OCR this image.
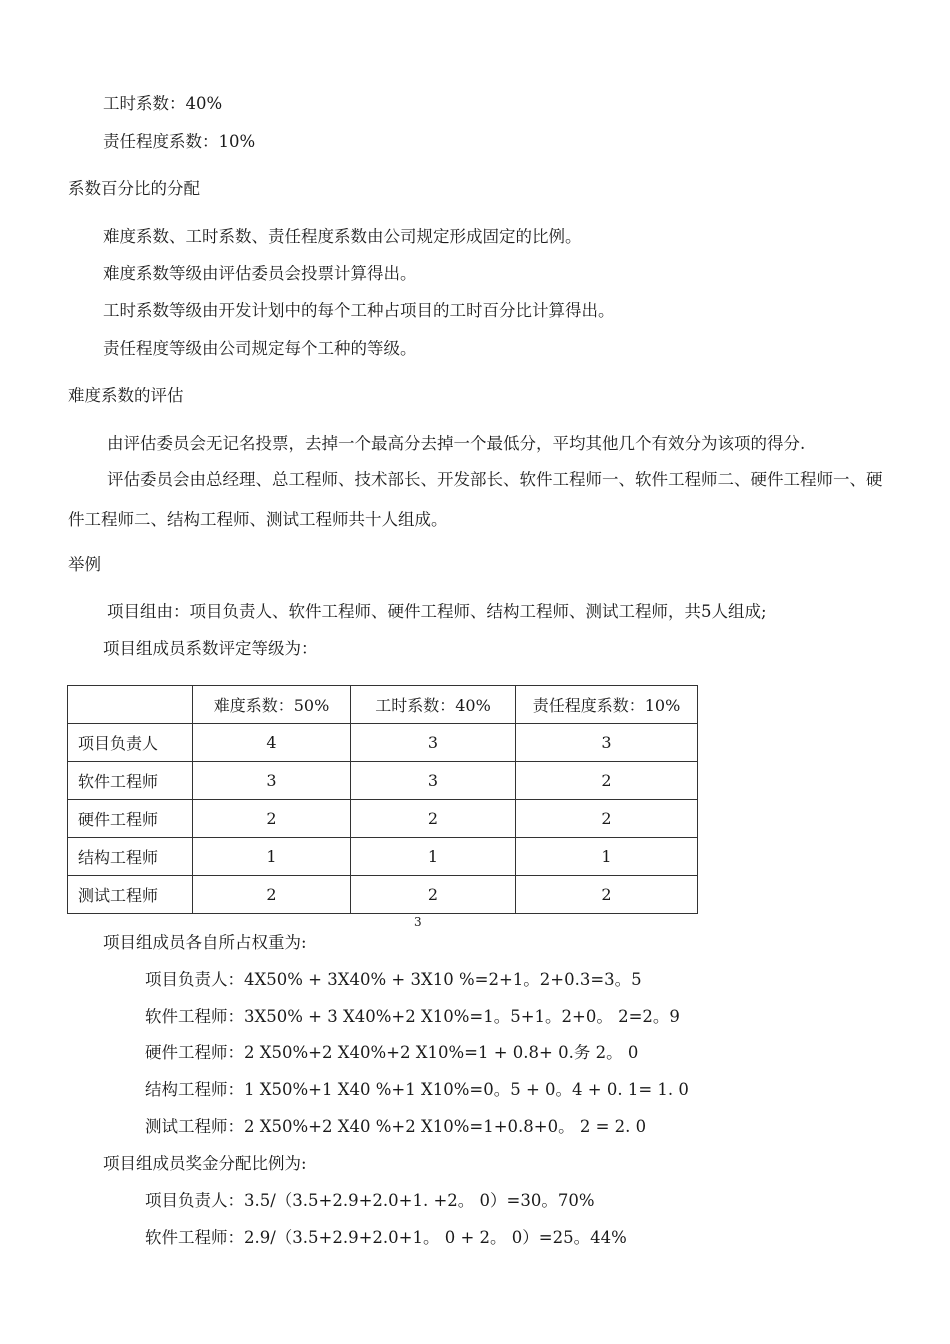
工时系数：40%
责任程度系数：10%
系数百分比的分配
难度系数、工时系数、责任程度系数由公司规定形成固定的比例。
难度系数等级由评估委员会投票计算得出。
工时系数等级由开发计划中的每个工种占项目的工时百分比计算得出。
责任程度等级由公司规定每个工种的等级。
难度系数的评估
由评估委员会无记名投票，去掉一个最高分去掉一个最低分，平均其他几个有效分为该项的得分.
评估委员会由总经理、总工程师、技术部长、开发部长、软件工程师一、软件工程师二、硬件工程师一、硬件工程师二、结构工程师、测试工程师共十人组成。
举例
项目组由：项目负责人、软件工程师、硬件工程师、结构工程师、测试工程师，共5人组成;
项目组成员系数评定等级为：
	难度系数：50%	工时系数：40%	责任程度系数：10%
项目负责人	4	3	3
软件工程师	3	3	2
硬件工程师	2	2	2
结构工程师	1	1	1
测试工程师	2	2	2
3
项目组成员各自所占权重为:
项目负责人：4X50% + 3X40% + 3X10 %=2+1。2+0.3=3。5
软件工程师：3X50% + 3 X40%+2 X10%=1。5+1。2+0。 2=2。9
硬件工程师：2 X50%+2 X40%+2 X10%=1 + 0.8+ 0.务 2。 0
结构工程师：1 X50%+1 X40 %+1 X10%=0。5 + 0。4 + 0. 1= 1. 0
测试工程师：2 X50%+2 X40 %+2 X10%=1+0.8+0。 2 = 2. 0
项目组成员奖金分配比例为:
项目负责人：3.5/（3.5+2.9+2.0+1. +2。 0）=30。70%
软件工程师：2.9/（3.5+2.9+2.0+1。 0 + 2。 0）=25。44%
